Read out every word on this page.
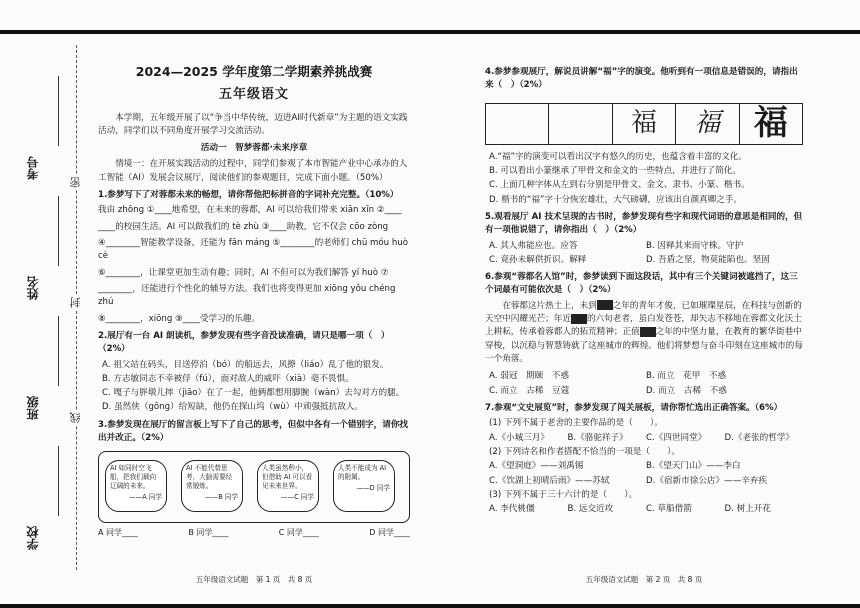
考号
姓名
班级
学校
密
封
线
2024—2025 学年度第二学期素养挑战赛
五年级语文

本学期，五年级开展了以“争当中华传统，迈进AI时代新章”为主题的语文实践活动，同学们以不同角度开展学习交流活动。

活动一　智梦蓉都·未来序章

情境一：在开展实践活动的过程中，同学们参观了本市智能产业中心承办的人工智能（AI）发展会议展厅，阅读他们的参观题目，完成下面小题。（50%）

1.参梦写下了对蓉都未来的畅想，请你帮他把标拼音的字词补充完整。（10%）

我由 zhōng ①____地希望，在未来的蓉都，AI 可以给我们带来 xiān xīn ②____

____的校园生活。AI 可以做我们的 tè zhù ③____助教，它不仅会 cōo zòng

④________智能教学设备，还能为 fān máng ⑤________的老师们 chū móu huò cè

⑥________，让课堂更加生动有趣；同时，AI 不但可以为我们解答 yí huò ⑦

________，还能进行个性化的辅导方法。我们也将变得更加 xiōng yǒu chéng zhú

⑧________，xiōng ⑨____受学习的乐趣。

2.展厅有一台 AI 朗读机，参梦发现有些字音没读准确，请只是哪一项（　）（2%）
A. 祖父站在码头，目送停泊（bó）的船远去，风撩（liáo）乱了他的银发。
B. 方志敏同志不幸被俘（fú），面对敌人的威吓（xià）毫不畏惧。
C. 嘎子与胖墩儿摔（jiāo）在了一起，他俩都想用脚腕（wàn）去勾对方的腿。
D. 虽然侠（gōng）给短缺，他仍在探山坞（wù）中顽强抵抗敌人。
3.参梦发现在展厅的留言板上写下了自己的思考，但似中各有一个错别字，请你找出并改正。（2%）
AI 如同时空飞船，把我们载向辽阔的未来。
——A 同学
AI 不能代替思考，大脑需要经常锻炼。
——B 同学
人类虽然秒小，但借助 AI 可以看见未来世界。
——C 同学
人类不能成为 AI 的附属。
——D 同学
A 同学____	B 同学____	C 同学____	D 同学____
五年级语文试题　第 1 页　共 8 页
4.参梦参观展厅，解说员讲解“福”字的演变。他听到有一项信息是错误的，请指出来（　）（2%）
福	福 福
A.“福”字的演变可以看出汉字有悠久的历史，也蕴含着丰富的文化。
B. 可以看出小篆继承了甲骨文和金文的一些特点，并进行了简化。
C. 上面几种字体从左到右分别是甲骨文、金文、隶书、小篆、楷书。
D. 楷书的“福”字十分恢宏雄壮，大气磅礴，应该出自颜真卿之手。
5.观看展厅 AI 技术呈现的古书时，参梦发现有些字和现代词语的意思是相同的，但有一项他说错了，请你指出（　）（2%）
A. 其人弗能应也。应答	B. 因释其来而守株。守护
C. 竟孙未解供折识。解释	D. 吾盾之坚，物莫能陷也。坚固
6.参观“蓉都名人馆”时，参梦读到下面这段话，其中有三个关键词被遮挡了，这三个词最有可能依次是（　）（2%）

在蓉都这片热土上，未到 之年的青年才俊，已如璀璨星辰，在科技与创新的天空中闪耀光芒；年近 的六旬老者，虽白发苍苍，却矢志不移地在蓉都文化沃土上耕耘，传承着蓉都人的拓荒精神；正值 之年的中坚力量，在教育的繁华街巷中穿梭，以沉稳与智慧铸就了这座城市的辉煌。他们将梦想与奋斗印刻在这座城市的每一个角落。

A. 弱冠　期颐　不惑	B. 而立　花甲　不惑
C. 而立　古稀　豆蔻	D. 而立　古稀　不惑
7.参观“文史展览”时，参梦发现了闯关展板，请你帮忙选出正确答案。（6%）
(1) 下列不属于老舍的主要作品的是（　　）。
A.《小城三月》	B.《骆驼祥子》	C.《四世同堂》	D.《老张的哲学》
(2) 下列诗名和作者搭配不恰当的一项是（　　）。
A.《望洞庭》——刘禹锡	B.《望天门山》——李白
C.《饮湖上初晴后雨》——苏轼	D.《宿新市徐公店》——辛弃疾
(3) 下列不属于三十六计的是（　　）。
A. 李代桃僵	B. 远交近攻	C. 草船借箭	D. 树上开花
五年级语文试题　第 2 页　共 8 页
